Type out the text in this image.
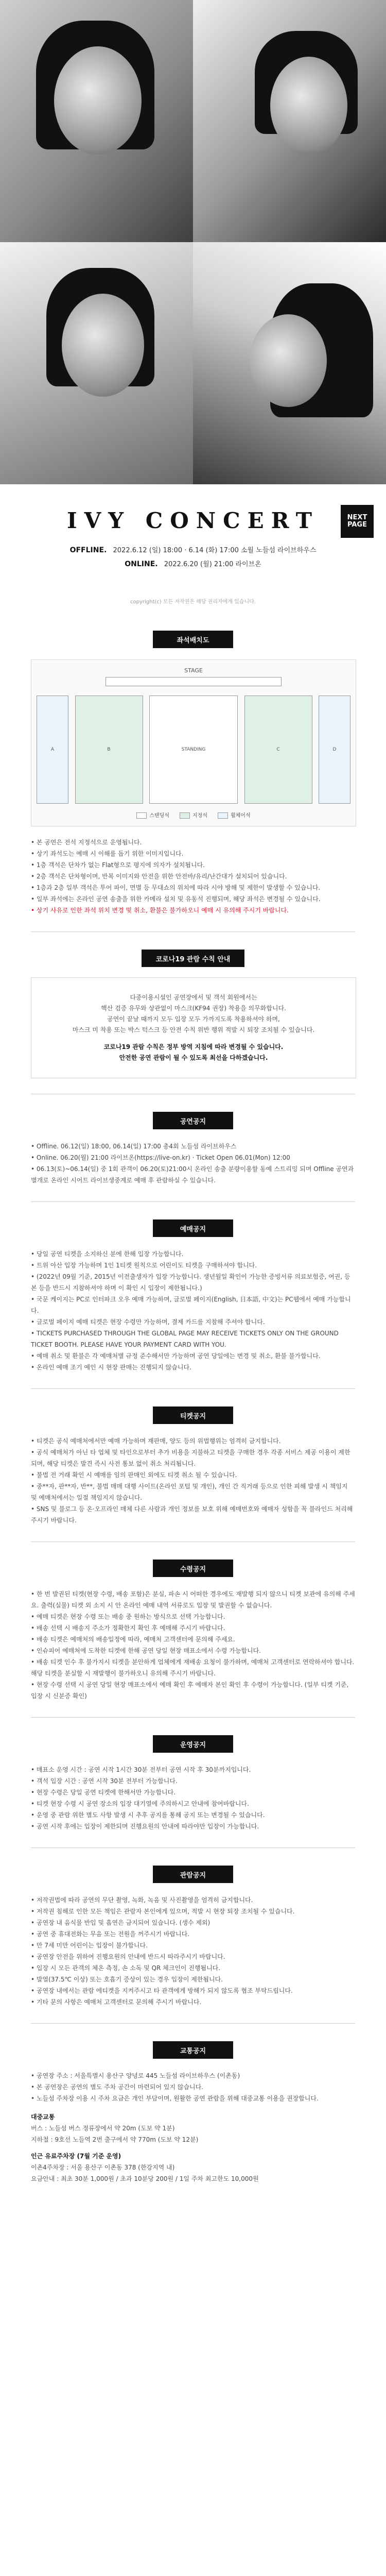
IVY CONCERT	NEXT PAGE
OFFLINE. 2022.6.12 (일) 18:00 · 6.14 (화) 17:00 소월 노들섬 라이브하우스
ONLINE. 2022.6.20 (월) 21:00 라이브온
copyright(c) 모든 저작권은 해당 권리자에게 있습니다.
좌석배치도
STAGE
A	B	STANDING	C	D
스탠딩석	지정석	휠체어석
• 본 공연은 전석 지정석으로 운영됩니다.
• 상기 좌석도는 예매 시 이해를 돕기 위한 이미지입니다.
• 1층 객석은 단차가 없는 Flat형으로 평지에 의자가 설치됩니다.
• 2층 객석은 단차형이며, 반복 이미지와 안전을 위한 안전바/유리/난간대가 설치되어 있습니다.
• 1층과 2층 일부 객석은 투어 파이, 면별 등 무대쇼의 위치에 따라 시야 방해 및 제한이 발생할 수 있습니다.
• 일부 좌석에는 온라인 공연 송출을 위한 카메라 설치 및 유동석 진행되며, 해당 좌석은 변경될 수 있습니다.
• 상기 사유로 인한 좌석 위치 변경 및 취소, 환불은 불가하오니 예매 시 유의해 주시기 바랍니다.
코로나19 관람 수칙 안내

다중이용시설인 공연장에서 및 객석 회원에서는

핵산 검증 유무와 상관없이 마스크(KF94 권장) 착용을 의무화합니다.

공연이 끝날 때까지 모두 입장 모두 가까지도록 착용하셔야 하며,

마스크 미 착용 또는 박스 턱스크 등 안전 수칙 위반 행위 적발 시 퇴장 조치될 수 있습니다.

코로나19 관람 수칙은 정부 방역 지침에 따라 변경될 수 있습니다.

안전한 공연 관람이 될 수 있도록 최선을 다하겠습니다.

공연공지
• Offline. 06.12(일) 18:00, 06.14(일) 17:00 총4회 노들섬 라이브하우스
• Online. 06.20(월) 21:00 라이브온(https://live-on.kr) · Ticket Open 06.01(Mon) 12:00
• 06.13(토)~06.14(일) 중 1회 관객이 06.20(토)21:00시 온라인 송출 분량이용할 동예 스트리밍 되며 Offline 공연과 별개로 온라인 시어트 라이브생중계로 예매 후 관람하실 수 있습니다.
예매공지
• 당일 공연 티켓을 소지하신 분에 한해 입장 가능합니다.
• 트위 아산 입장 가능하며 1인 1티켓 원칙으로 어린이도 티켓을 구매하셔야 합니다.
• (2022년 09월 기준, 2015년 이전출생자가 입장 가능합니다. 생년월일 확인이 가능한 증빙서류 의료보험증, 여권, 등본 등을 반드시 지참하셔야 하며 이 확인 시 입장이 제한됩니다.)
• 국문 케이지는 PC로 인터파크 오우 예매 가능하며, 글로벌 페이지(English, 日本語, 中文)는 PC웹에서 예매 가능합니다.
• 글로벌 페이지 예매 티켓은 현장 수령만 가능하며, 결제 카드를 지참해 주셔야 합니다.
• TICKETS PURCHASED THROUGH THE GLOBAL PAGE MAY RECEIVE TICKETS ONLY ON THE GROUND TICKET BOOTH. PLEASE HAVE YOUR PAYMENT CARD WITH YOU.
• 예매 취소 및 환불은 각 예매처별 규정 준수해서만 가능하며 공연 당일에는 변경 및 취소, 환불 불가합니다.
• 온라인 예매 조기 예인 시 현장 판매는 진행되지 않습니다.
티켓공지
• 티켓은 공식 예매처에서만 예매 가능하며 재판매, 양도 등의 위법행위는 엄격히 금지합니다.
• 공식 예매처가 아닌 타 업체 및 타인으로부터 추가 비용을 지불하고 티켓을 구매한 경우 각종 서비스 제공 이용이 제한되며, 해당 티켓은 발견 즉시 사전 통보 없이 취소 처리됩니다.
• 불법 전 거래 확인 시 예매를 임의 판매인 외에도 티켓 취소 될 수 있습니다.
• 중**자, 판**자, 반**, 불법 매매 대행 사이트(온라인 포털 및 개인), 개인 간 직거래 등으로 인한 피해 발생 시 책임지 및 예매처에서는 일절 책임지지 않습니다.
• SNS 및 블로그 등 온·오프라인 매체 다른 사람과 개인 정보를 보호 위해 예매번호와 예매자 성함을 꼭 블라인드 처리해 주시기 바랍니다.
수령공지
• 한 번 발권된 티켓(현장 수령, 배송 포함)은 분실, 파손 시 어떠한 경우에도 재발행 되지 않으니 티켓 보관에 유의해 주세요. 출력(실물) 티켓 외 소지 시 안 온라인 예매 내역 서류로도 입장 및 발권할 수 없습니다.
• 예매 티켓은 현장 수령 또는 배송 중 원하는 방식으로 선택 가능합니다.
• 배송 선택 시 배송지 주소가 정확한지 확인 후 예매해 주시기 바랍니다.
• 배송 티켓은 예매처의 배송일정에 따라, 예매처 고객센터에 문의해 주세요.
• 인슈피어 예매처에 도착한 티켓에 한해 공연 당일 현장 매표소에서 수령 가능합니다.
• 배송 티켓 인수 후 불가지시 티켓을 분안하게 업체에게 재배송 요청이 불가하며, 예매처 고객센터로 연락하셔야 합니다. 해당 티켓을 분실할 시 재발행이 불가하오니 유의해 주시기 바랍니다.
• 현장 수령 선택 시 공연 당일 현장 매표소에서 예매 확인 후 예매자 본인 확인 후 수령이 가능합니다. (일부 티켓 기준, 입장 시 신분증 확인)
운영공지
• 매표소 운영 시간 : 공연 시작 1시간 30분 전부터 공연 시작 후 30분까지입니다.
• 객석 입장 시간 : 공연 시작 30분 전부터 가능합니다.
• 현장 수령은 당일 공연 티켓에 한해서만 가능합니다.
• 티켓 현장 수령 시 공연 장소의 입장 대기열에 주의하시고 안내에 참여바랍니다.
• 운영 중 관람 위한 별도 사항 발생 시 추후 공지를 통해 공지 또는 변경될 수 있습니다.
• 공연 시작 후에는 입장이 제한되며 진행요원의 안내에 따라야만 입장이 가능합니다.
관람공지
• 저작권법에 따라 공연의 무단 촬영, 녹화, 녹음 및 사진촬영을 엄격히 금지합니다.
• 저작권 침해로 인한 모든 책임은 관람자 본인에게 있으며, 적발 시 현장 퇴장 조치될 수 있습니다.
• 공연장 내 음식물 반입 및 흡연은 금지되어 있습니다. (생수 제외)
• 공연 중 휴대전화는 무음 또는 전원을 꺼주시기 바랍니다.
• 만 7세 미만 어린이는 입장이 불가합니다.
• 공연장 안전을 위하여 진행요원의 안내에 반드시 따라주시기 바랍니다.
• 입장 시 모든 관객의 체온 측정, 손 소독 및 QR 체크인이 진행됩니다.
• 발열(37.5℃ 이상) 또는 호흡기 증상이 있는 경우 입장이 제한됩니다.
• 공연장 내에서는 관람 에티켓을 지켜주시고 타 관객에게 방해가 되지 않도록 협조 부탁드립니다.
• 기타 문의 사항은 예매처 고객센터로 문의해 주시기 바랍니다.
교통공지
• 공연장 주소 : 서울특별시 용산구 양녕로 445 노들섬 라이브하우스 (이촌동)
• 본 공연장은 공연의 별도 주차 공간이 마련되어 있지 않습니다.
• 노들섬 주차장 이용 시 주차 요금은 개인 부담이며, 원활한 공연 관람을 위해 대중교통 이용을 권장합니다.
대중교통
버스 : 노들섬 버스 정류장에서 약 20m (도보 약 1분)
지하철 : 9호선 노들역 2번 출구에서 약 770m (도보 약 12분)
인근 유료주차장 (7월 기준 운영)
이촌4주차장 : 서울 용산구 이촌동 378 (한강지역 내)
요금안내 : 최초 30분 1,000원 / 초과 10분당 200원 / 1일 주차 최고한도 10,000원
